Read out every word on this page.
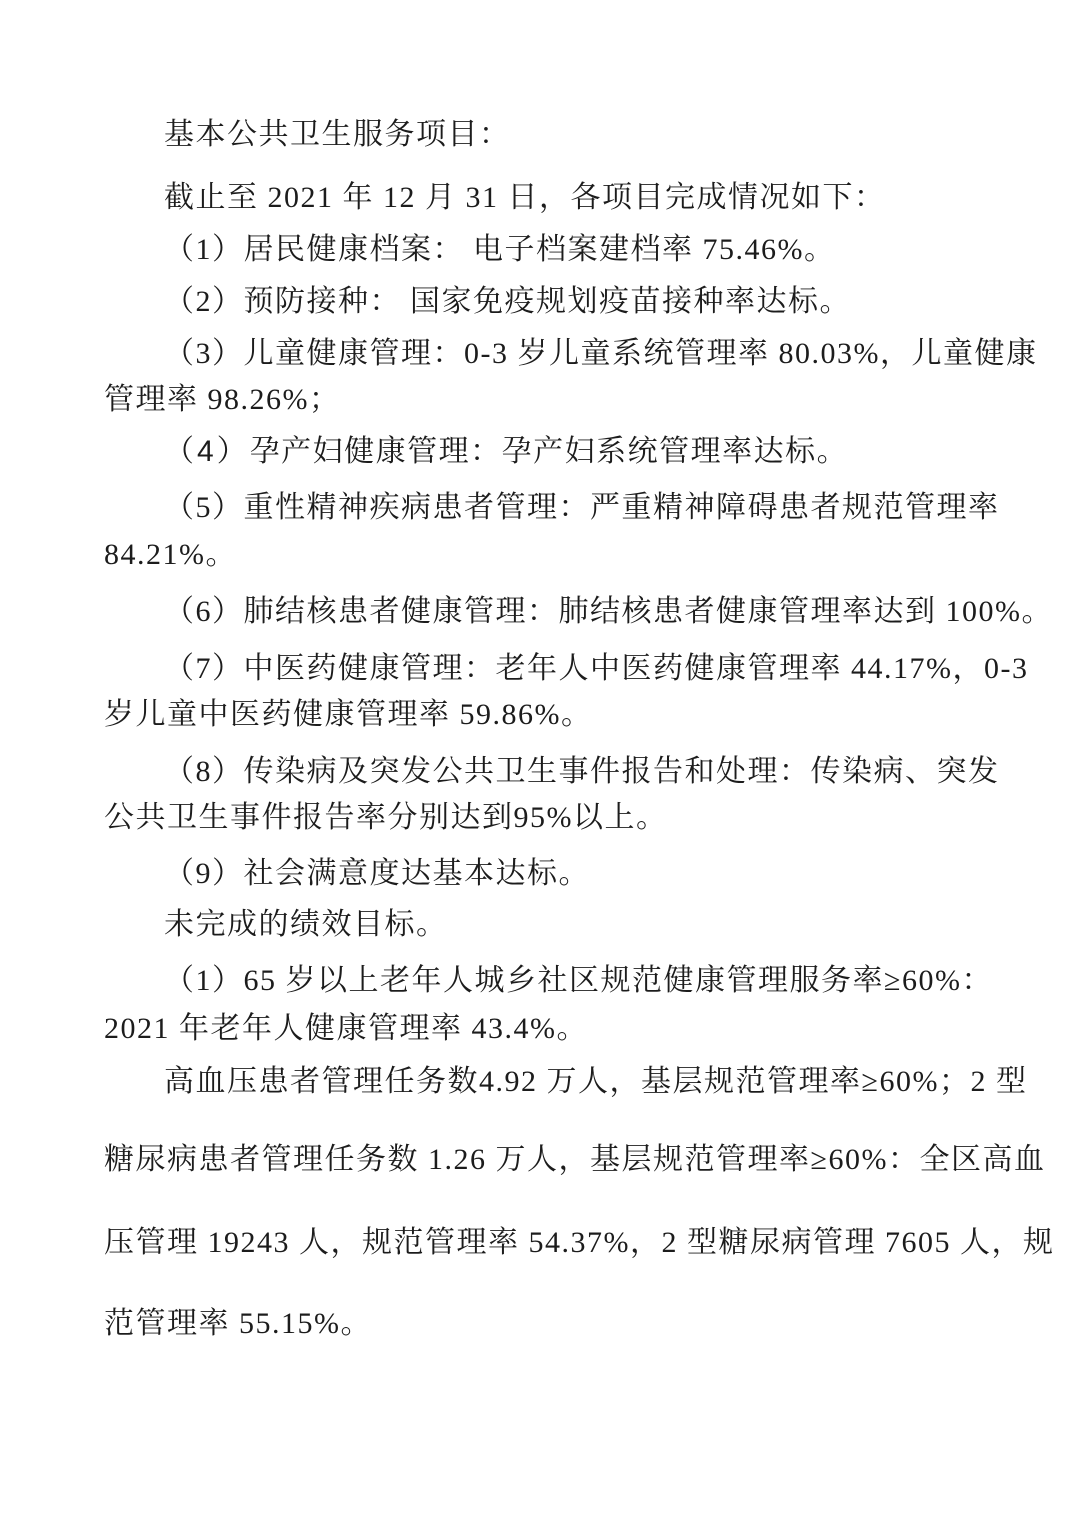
基本公共卫生服务项目：
截止至 2021 年 12 月 31 日，各项目完成情况如下：
（1）居民健康档案： 电子档案建档率 75.46%。
（2）预防接种： 国家免疫规划疫苗接种率达标。
（3）儿童健康管理：0-3 岁儿童系统管理率 80.03%，儿童健康
管理率 98.26%；
（4）孕产妇健康管理：孕产妇系统管理率达标。
（5）重性精神疾病患者管理：严重精神障碍患者规范管理率
84.21%。
（6）肺结核患者健康管理：肺结核患者健康管理率达到 100%。
（7）中医药健康管理：老年人中医药健康管理率 44.17%，0-3
岁儿童中医药健康管理率 59.86%。
（8）传染病及突发公共卫生事件报告和处理：传染病、突发
公共卫生事件报告率分别达到95%以上。
（9）社会满意度达基本达标。
未完成的绩效目标。
（1）65 岁以上老年人城乡社区规范健康管理服务率≥60%：
2021 年老年人健康管理率 43.4%。
高血压患者管理任务数4.92 万人，基层规范管理率≥60%；2 型
糖尿病患者管理任务数 1.26 万人，基层规范管理率≥60%：全区高血
压管理 19243 人，规范管理率 54.37%，2 型糖尿病管理 7605 人，规
范管理率 55.15%。
